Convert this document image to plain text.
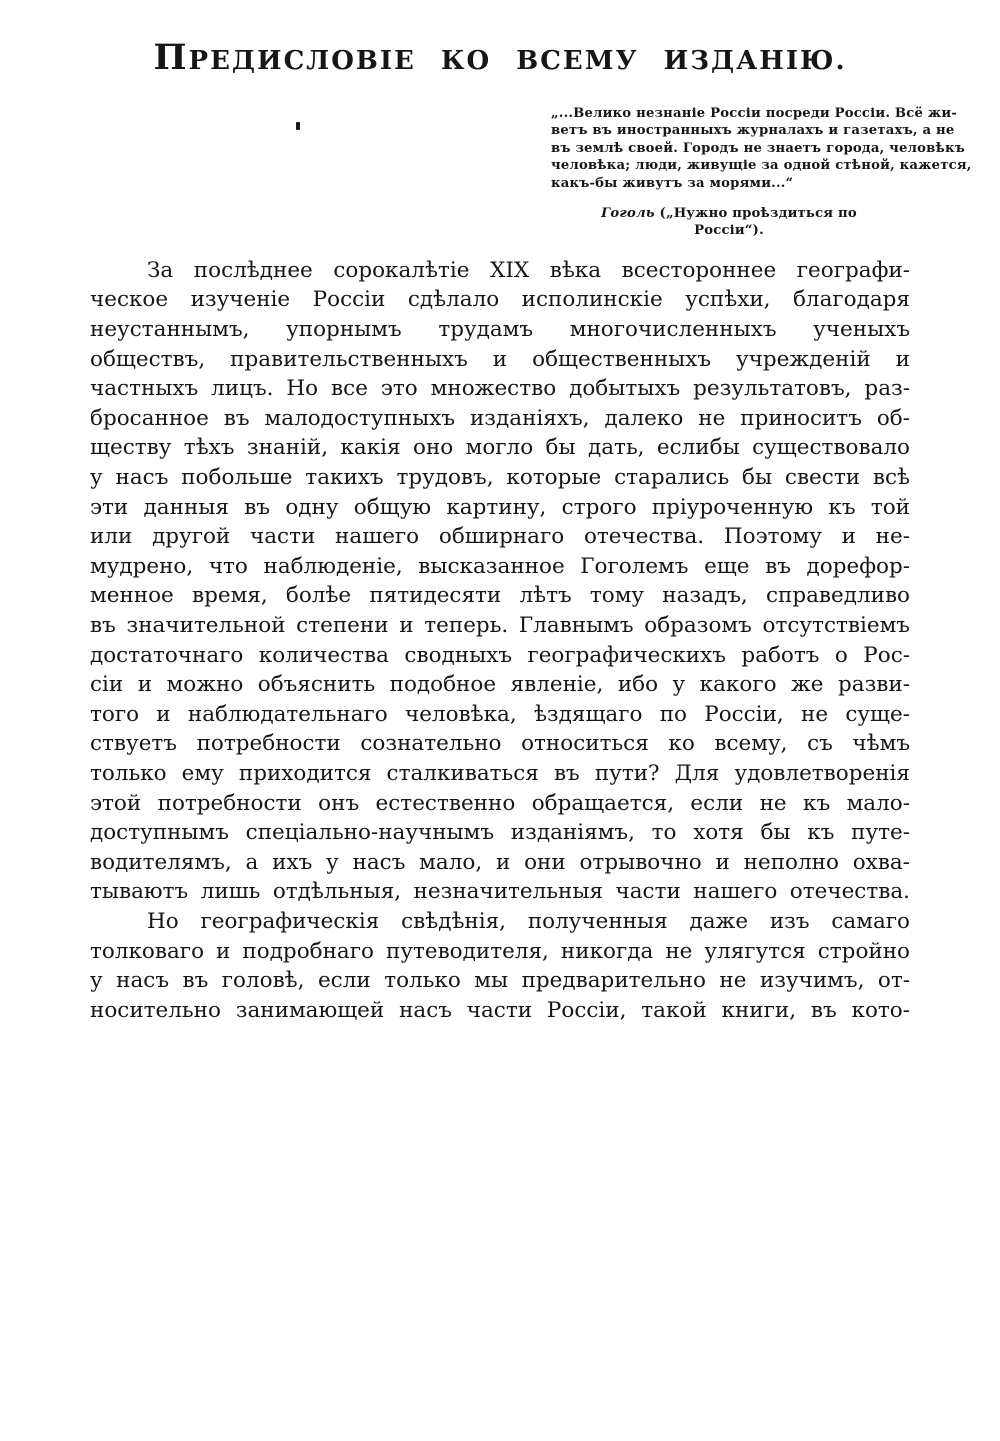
ПРЕДИСЛОВІЕ КО ВСЕМУ ИЗДАНІЮ.
„...Велико незнаніе Россіи посреди Россіи. Всё жи-
ветъ въ иностранныхъ журналахъ и газетахъ, а не
въ землѣ своей. Городъ не знаетъ города, человѣкъ
человѣка; люди, живущіе за одной стѣной, кажется,
какъ-бы живутъ за морями...“
Гоголь („Нужно проѣздиться по
Россіи“).
За послѣднее сорокалѣтіе XIX вѣка всестороннее географи-
ческое изученіе Россіи сдѣлало исполинскіе успѣхи, благодаря
неустаннымъ, упорнымъ трудамъ многочисленныхъ ученыхъ
обществъ, правительственныхъ и общественныхъ учрежденій и
частныхъ лицъ. Но все это множество добытыхъ результатовъ, раз-
бросанное въ малодоступныхъ изданіяхъ, далеко не приноситъ об-
ществу тѣхъ знаній, какія оно могло бы дать, еслибы существовало
у насъ побольше такихъ трудовъ, которые старались бы свести всѣ
эти данныя въ одну общую картину, строго пріуроченную къ той
или другой части нашего обширнаго отечества. Поэтому и не-
мудрено, что наблюденіе, высказанное Гоголемъ еще въ дорефор-
менное время, болѣе пятидесяти лѣтъ тому назадъ, справедливо
въ значительной степени и теперь. Главнымъ образомъ отсутствіемъ
достаточнаго количества сводныхъ географическихъ работъ о Рос-
сіи и можно объяснить подобное явленіе, ибо у какого же разви-
того и наблюдательнаго человѣка, ѣздящаго по Россіи, не суще-
ствуетъ потребности сознательно относиться ко всему, съ чѣмъ
только ему приходится сталкиваться въ пути? Для удовлетворенія
этой потребности онъ естественно обращается, если не къ мало-
доступнымъ спеціально-научнымъ изданіямъ, то хотя бы къ путе-
водителямъ, а ихъ у насъ мало, и они отрывочно и неполно охва-
тываютъ лишь отдѣльныя, незначительныя части нашего отечества.
Но географическія свѣдѣнія, полученныя даже изъ самаго
толковаго и подробнаго путеводителя, никогда не улягутся стройно
у насъ въ головѣ, если только мы предварительно не изучимъ, от-
носительно занимающей насъ части Россіи, такой книги, въ кото-
